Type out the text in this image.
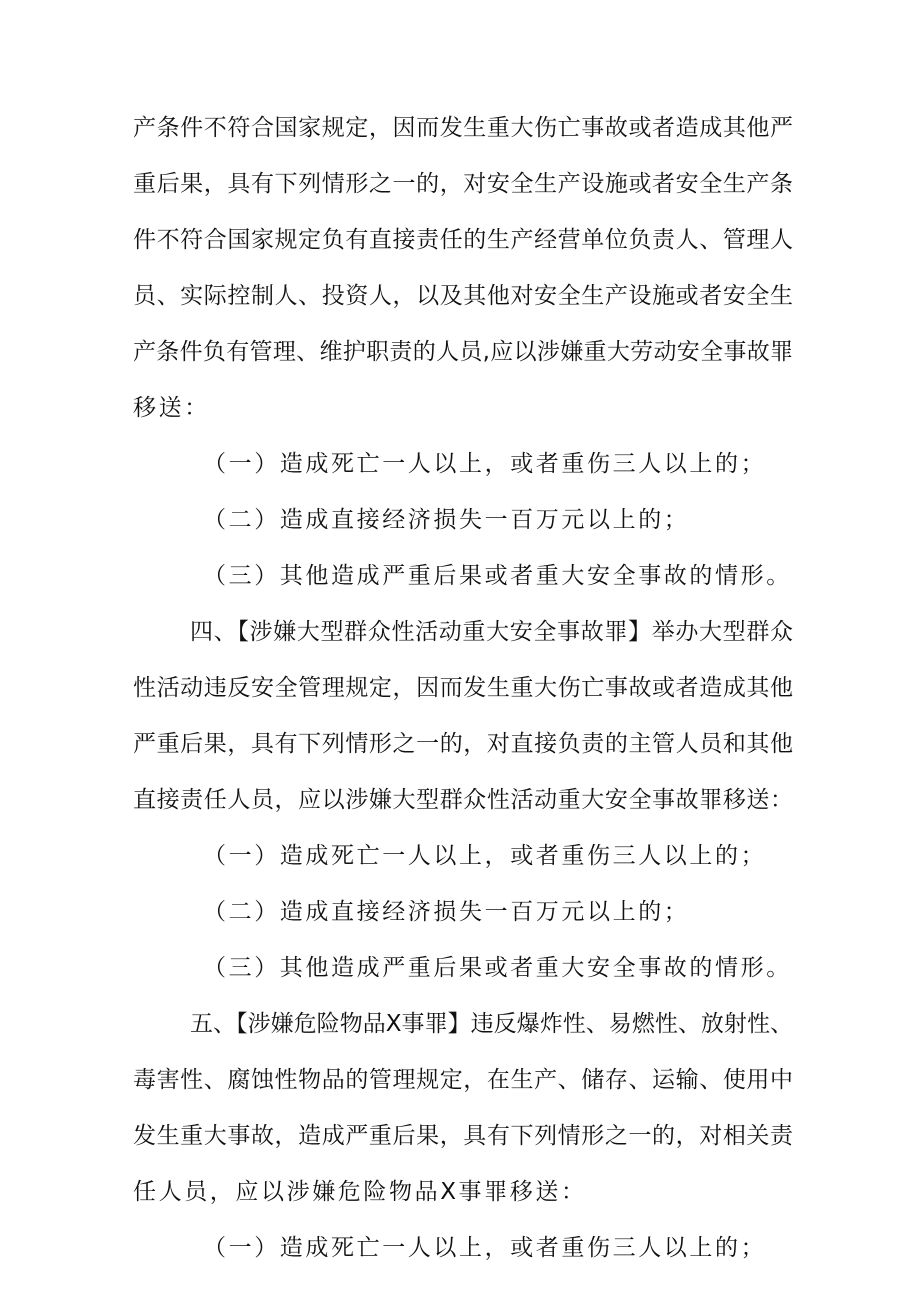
产条件不符合国家规定，因而发生重大伤亡事故或者造成其他严
重后果，具有下列情形之一的，对安全生产设施或者安全生产条
件不符合国家规定负有直接责任的生产经营单位负责人、管理人
员、实际控制人、投资人，以及其他对安全生产设施或者安全生
产条件负有管理、维护职责的人员,应以涉嫌重大劳动安全事故罪
移送：
（一）造成死亡一人以上，或者重伤三人以上的；
（二）造成直接经济损失一百万元以上的；
（三）其他造成严重后果或者重大安全事故的情形。
四、【涉嫌大型群众性活动重大安全事故罪】举办大型群众
性活动违反安全管理规定，因而发生重大伤亡事故或者造成其他
严重后果，具有下列情形之一的，对直接负责的主管人员和其他
直接责任人员，应以涉嫌大型群众性活动重大安全事故罪移送：
（一）造成死亡一人以上，或者重伤三人以上的；
（二）造成直接经济损失一百万元以上的；
（三）其他造成严重后果或者重大安全事故的情形。
五、【涉嫌危险物品X事罪】违反爆炸性、易燃性、放射性、
毒害性、腐蚀性物品的管理规定，在生产、储存、运输、使用中
发生重大事故，造成严重后果，具有下列情形之一的，对相关责
任人员，应以涉嫌危险物品X事罪移送：
（一）造成死亡一人以上，或者重伤三人以上的；
